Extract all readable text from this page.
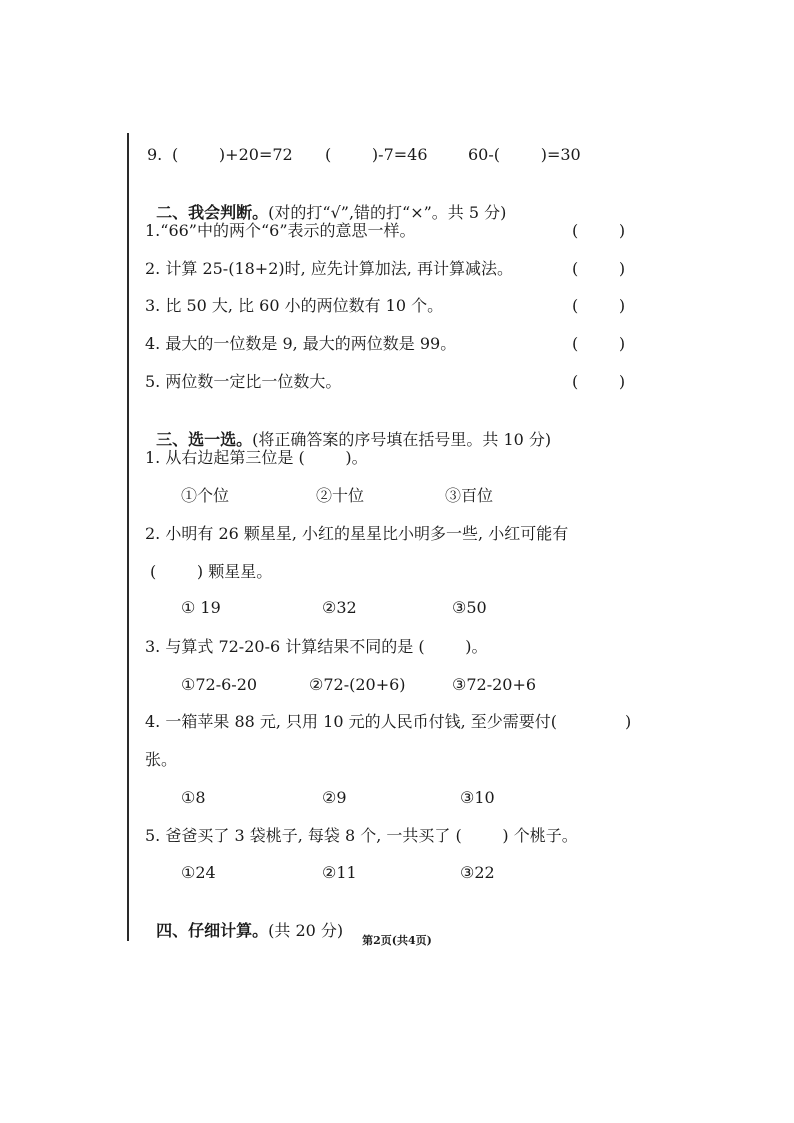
9. (        )+20=72 (        )-7=46	60-(        )=30

二、我会判断。(对的打“√”,错的打“×”。共 5 分)

1.“66”中的两个“6”表示的意思一样。	(        )
2. 计算 25-(18+2)时, 应先计算加法, 再计算减法。	(        )
3. 比 50 大, 比 60 小的两位数有 10 个。	(        )
4. 最大的一位数是 9, 最大的两位数是 99。	(        )
5. 两位数一定比一位数大。	(        )

三、选一选。(将正确答案的序号填在括号里。共 10 分)

1. 从右边起第三位是 (        )。
①个位	②十位	③百位
2. 小明有 26 颗星星, 小红的星星比小明多一些, 小红可能有
(        ) 颗星星。
① 19	②32	③50
3. 与算式 72-20-6 计算结果不同的是 (        )。
①72-6-20	②72-(20+6)	③72-20+6
4. 一箱苹果 88 元, 只用 10 元的人民币付钱, 至少需要付(	)
张。
①8	②9	③10
5. 爸爸买了 3 袋桃子, 每袋 8 个, 一共买了 (        ) 个桃子。
①24	②11	③22

四、仔细计算。(共 20 分)

第2页(共4页)
